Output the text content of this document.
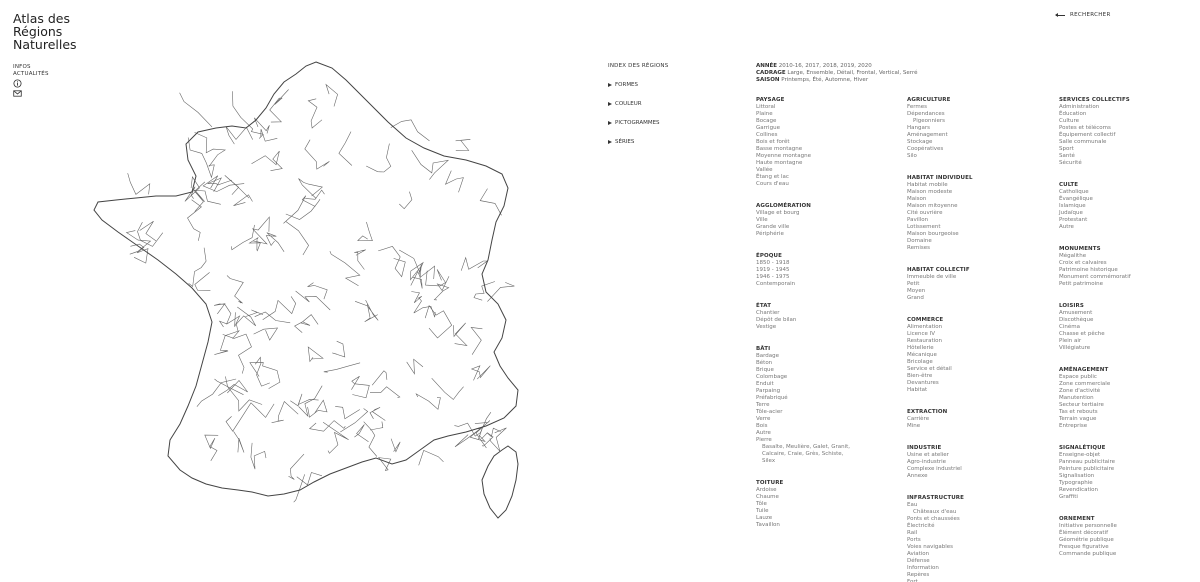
Atlas des
Régions
Naturelles
INFOS
ACTUALITÉS
RECHERCHER
INDEX DES RÉGIONS
FORMES
COULEUR
PICTOGRAMMES
SÉRIES
ANNÉE 2010-16, 2017, 2018, 2019, 2020
CADRAGE Large, Ensemble, Détail, Frontal, Vertical, Serré
SAISON Printemps, Été, Automne, Hiver
PAYSAGE
Littoral
Plaine
Bocage
Garrigue
Collines
Bois et forêt
Basse montagne
Moyenne montagne
Haute montagne
Vallée
Étang et lac
Cours d'eau
AGGLOMÉRATION
Village et bourg
Ville
Grande ville
Périphérie
ÉPOQUE
1850 - 1918
1919 - 1945
1946 - 1975
Contemporain
ÉTAT
Chantier
Dépôt de bilan
Vestige
BÂTI
Bardage
Béton
Brique
Colombage
Enduit
Parpaing
Préfabriqué
Terre
Tôle-acier
Verre
Bois
Autre
Pierre
Basalte, Meulière, Galet, Granit,
Calcaire, Craie, Grès, Schiste,
Silex
TOITURE
Ardoise
Chaume
Tôle
Tuile
Lauze
Tavaillon
AGRICULTURE
Fermes
Dépendances
Pigeonniers
Hangars
Aménagement
Stockage
Coopératives
Silo
HABITAT INDIVIDUEL
Habitat mobile
Maison modeste
Maison
Maison mitoyenne
Cité ouvrière
Pavillon
Lotissement
Maison bourgeoise
Domaine
Remises
HABITAT COLLECTIF
Immeuble de ville
Petit
Moyen
Grand
COMMERCE
Alimentation
Licence IV
Restauration
Hôtellerie
Mécanique
Bricolage
Service et détail
Bien-être
Devantures
Habitat
EXTRACTION
Carrière
Mine
INDUSTRIE
Usine et atelier
Agro-industrie
Complexe industriel
Annexe
INFRASTRUCTURE
Eau
Châteaux d'eau
Ponts et chaussées
Électricité
Rail
Ports
Voies navigables
Aviation
Défense
Information
Repères
Fort
SERVICES COLLECTIFS
Administration
Éducation
Culture
Postes et télécoms
Équipement collectif
Salle communale
Sport
Santé
Sécurité
CULTE
Catholique
Évangélique
Islamique
Judaïque
Protestant
Autre
MONUMENTS
Mégalithe
Croix et calvaires
Patrimoine historique
Monument commémoratif
Petit patrimoine
LOISIRS
Amusement
Discothèque
Cinéma
Chasse et pêche
Plein air
Villégiature
AMÉNAGEMENT
Espace public
Zone commerciale
Zone d'activité
Manutention
Secteur tertiaire
Tas et rebouts
Terrain vague
Entreprise
SIGNALÉTIQUE
Enseigne-objet
Panneau publicitaire
Peinture publicitaire
Signalisation
Typographie
Revendication
Graffiti
ORNEMENT
Initiative personnelle
Élément décoratif
Géométrie publique
Fresque figurative
Commande publique
